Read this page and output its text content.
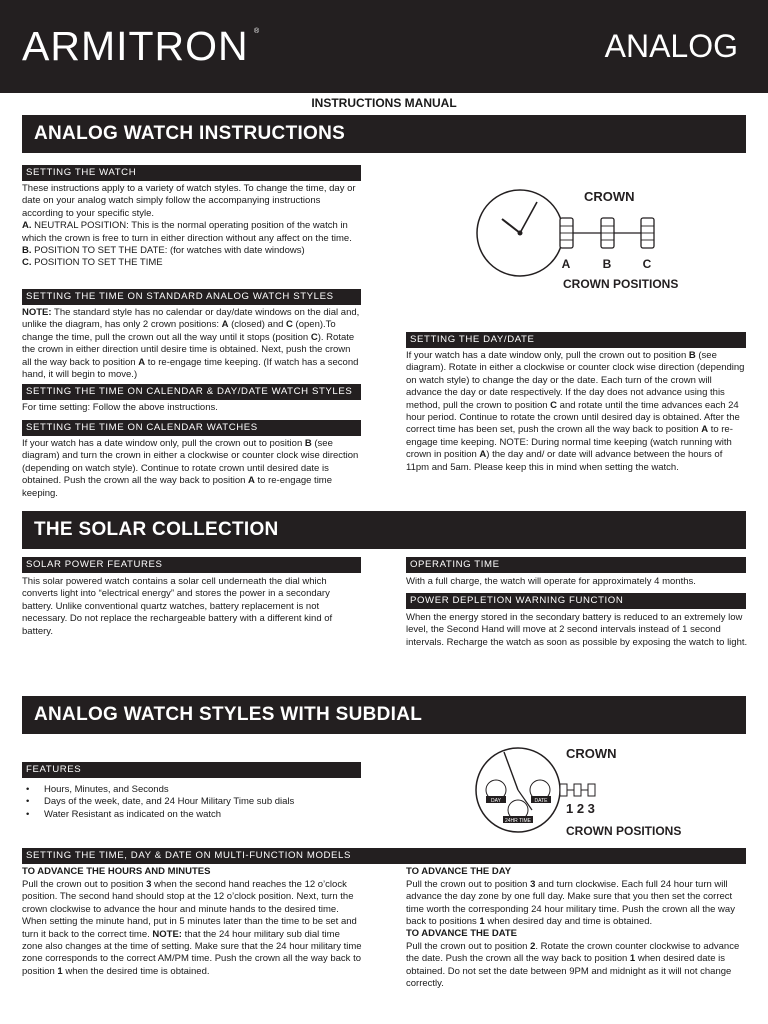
ARMITRON ®	ANALOG
INSTRUCTIONS MANUAL
ANALOG WATCH INSTRUCTIONS
SETTING THE WATCH

These instructions apply to a variety of watch styles. To change the time, day or date on your analog watch simply follow the accompanying instructions according to your specific style.
A. NEUTRAL POSITION: This is the normal operating position of the watch in which the crown is free to turn in either direction without any affect on the time.
B. POSITION TO SET THE DATE: (for watches with date windows)
C. POSITION TO SET THE TIME

SETTING THE TIME ON STANDARD ANALOG WATCH STYLES

NOTE: The standard style has no calendar or day/date windows on the dial and, unlike the diagram, has only 2 crown positions: A (closed) and C (open).To change the time, pull the crown out all the way until it stops (position C). Rotate the crown in either direction until desire time is obtained. Next, push the crown all the way back to position A to re-engage time keeping. (If watch has a second hand, it will begin to move.)

SETTING THE TIME ON CALENDAR & DAY/DATE WATCH STYLES

For time setting: Follow the above instructions.

SETTING THE TIME ON CALENDAR WATCHES

If your watch has a date window only, pull the crown out to position B (see diagram) and turn the crown in either a clockwise or counter clock wise direction (depending on watch style). Continue to rotate crown until desired date is obtained. Push the crown all the way back to position A to re-engage time keeping.

CROWN
A	B	C
CROWN POSITIONS
SETTING THE DAY/DATE

If your watch has a date window only, pull the crown out to position B (see diagram). Rotate in either a clockwise or counter clock wise direction (depending on watch style) to change the day or the date. Each turn of the crown will advance the day or date respectively. If the day does not advance using this method, pull the crown to position C and rotate until the time advances each 24 hour period. Continue to rotate the crown until desired day is obtained. After the correct time has been set, push the crown all the way back to position A to re-engage time keeping. NOTE: During normal time keeping (watch running with crown in position A) the day and/ or date will advance between the hours of 11pm and 5am. Please keep this in mind when setting the watch.

THE SOLAR COLLECTION
SOLAR POWER FEATURES

This solar powered watch contains a solar cell underneath the dial which converts light into “electrical energy” and stores the power in a secondary battery. Unlike conventional quartz watches, battery replacement is not necessary. Do not replace the rechargeable battery with a different kind of battery.

OPERATING TIME

With a full charge, the watch will operate for approximately 4 months.

POWER DEPLETION WARNING FUNCTION

When the energy stored in the secondary battery is reduced to an extremely low level, the Second Hand will move at 2 second intervals instead of 1 second intervals. Recharge the watch as soon as possible by exposing the watch to light.

ANALOG WATCH STYLES WITH SUBDIAL
FEATURES
• Hours, Minutes, and Seconds
• Days of the week, date, and 24 Hour Military Time sub dials
• Water Resistant as indicated on the watch
DAY	DATE
24HR TIME
CROWN
1 2 3
CROWN POSITIONS
SETTING THE TIME, DAY & DATE ON MULTI-FUNCTION MODELS
TO ADVANCE THE HOURS AND MINUTES

Pull the crown out to position 3 when the second hand reaches the 12 o’clock position. The second hand should stop at the 12 o’clock position. Next, turn the crown clockwise to advance the hour and minute hands to the desired time. When setting the minute hand, put in 5 minutes later than the time to be set and turn it back to the correct time. NOTE: that the 24 hour military sub dial time zone also changes at the time of setting. Make sure that the 24 hour military time zone corresponds to the correct AM/PM time. Push the crown all the way back to position 1 when the desired time is obtained.

TO ADVANCE THE DAY

Pull the crown out to position 3 and turn clockwise. Each full 24 hour turn will advance the day zone by one full day. Make sure that you then set the correct time worth the corresponding 24 hour military time. Push the crown all the way back to positions 1 when desired day and time is obtained.

TO ADVANCE THE DATE

Pull the crown out to position 2. Rotate the crown counter clockwise to advance the date. Push the crown all the way back to position 1 when desired date is obtained. Do not set the date between 9PM and midnight as it will not change correctly.
